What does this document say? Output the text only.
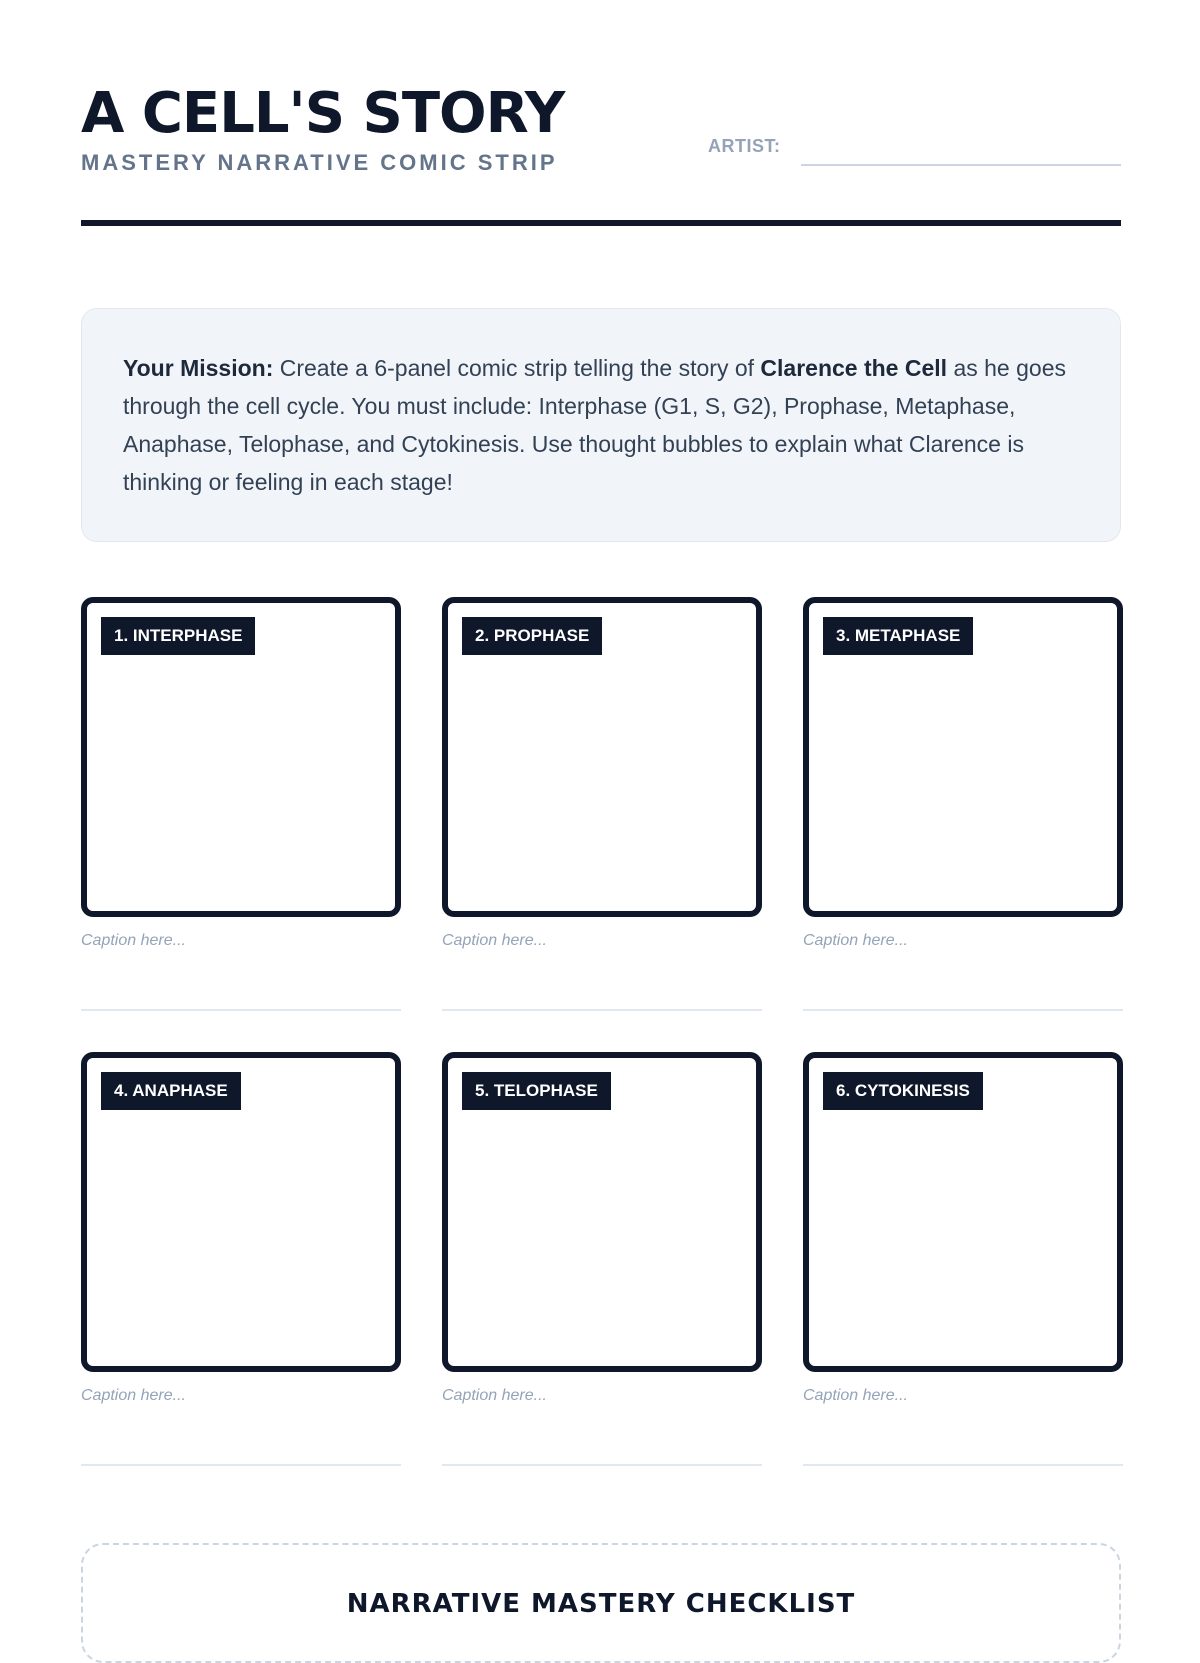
A CELL'S STORY
MASTERY NARRATIVE COMIC STRIP
ARTIST:

Your Mission: Create a 6-panel comic strip telling the story of Clarence the Cell as he goes through the cell cycle. You must include: Interphase (G1, S, G2), Prophase, Metaphase, Anaphase, Telophase, and Cytokinesis. Use thought bubbles to explain what Clarence is thinking or feeling in each stage!

1. INTERPHASE
Caption here...
2. PROPHASE
Caption here...
3. METAPHASE
Caption here...
4. ANAPHASE
Caption here...
5. TELOPHASE
Caption here...
6. CYTOKINESIS
Caption here...
NARRATIVE MASTERY CHECKLIST
